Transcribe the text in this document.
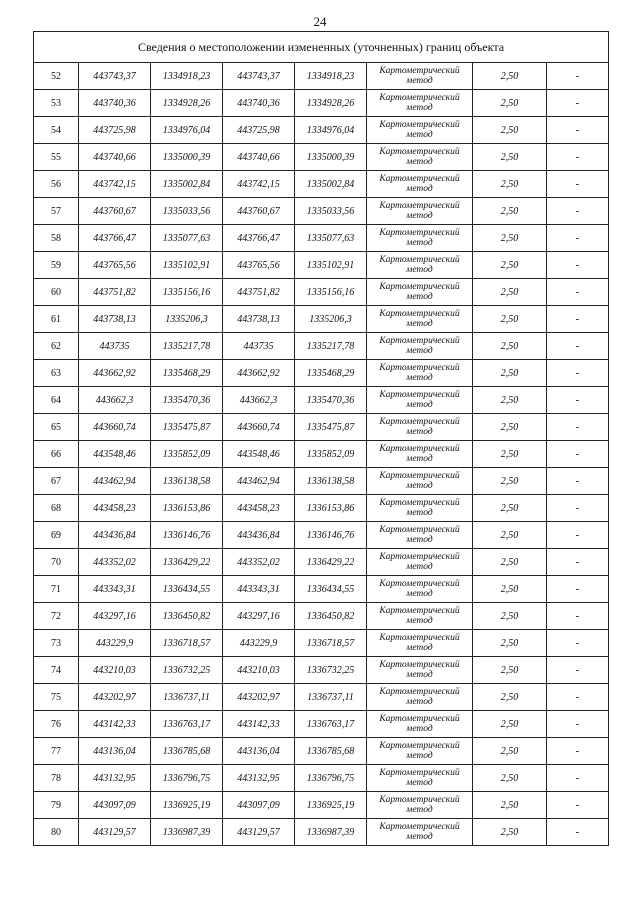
24
Сведения о местоположении измененных (уточненных) границ объекта							
52	443743,37	1334918,23	443743,37	1334918,23	Картометрический метод	2,50	-
53	443740,36	1334928,26	443740,36	1334928,26	Картометрический метод	2,50	-
54	443725,98	1334976,04	443725,98	1334976,04	Картометрический метод	2,50	-
55	443740,66	1335000,39	443740,66	1335000,39	Картометрический метод	2,50	-
56	443742,15	1335002,84	443742,15	1335002,84	Картометрический метод	2,50	-
57	443760,67	1335033,56	443760,67	1335033,56	Картометрический метод	2,50	-
58	443766,47	1335077,63	443766,47	1335077,63	Картометрический метод	2,50	-
59	443765,56	1335102,91	443765,56	1335102,91	Картометрический метод	2,50	-
60	443751,82	1335156,16	443751,82	1335156,16	Картометрический метод	2,50	-
61	443738,13	1335206,3	443738,13	1335206,3	Картометрический метод	2,50	-
62	443735	1335217,78	443735	1335217,78	Картометрический метод	2,50	-
63	443662,92	1335468,29	443662,92	1335468,29	Картометрический метод	2,50	-
64	443662,3	1335470,36	443662,3	1335470,36	Картометрический метод	2,50	-
65	443660,74	1335475,87	443660,74	1335475,87	Картометрический метод	2,50	-
66	443548,46	1335852,09	443548,46	1335852,09	Картометрический метод	2,50	-
67	443462,94	1336138,58	443462,94	1336138,58	Картометрический метод	2,50	-
68	443458,23	1336153,86	443458,23	1336153,86	Картометрический метод	2,50	-
69	443436,84	1336146,76	443436,84	1336146,76	Картометрический метод	2,50	-
70	443352,02	1336429,22	443352,02	1336429,22	Картометрический метод	2,50	-
71	443343,31	1336434,55	443343,31	1336434,55	Картометрический метод	2,50	-
72	443297,16	1336450,82	443297,16	1336450,82	Картометрический метод	2,50	-
73	443229,9	1336718,57	443229,9	1336718,57	Картометрический метод	2,50	-
74	443210,03	1336732,25	443210,03	1336732,25	Картометрический метод	2,50	-
75	443202,97	1336737,11	443202,97	1336737,11	Картометрический метод	2,50	-
76	443142,33	1336763,17	443142,33	1336763,17	Картометрический метод	2,50	-
77	443136,04	1336785,68	443136,04	1336785,68	Картометрический метод	2,50	-
78	443132,95	1336796,75	443132,95	1336796,75	Картометрический метод	2,50	-
79	443097,09	1336925,19	443097,09	1336925,19	Картометрический метод	2,50	-
80	443129,57	1336987,39	443129,57	1336987,39	Картометрический метод	2,50	-
